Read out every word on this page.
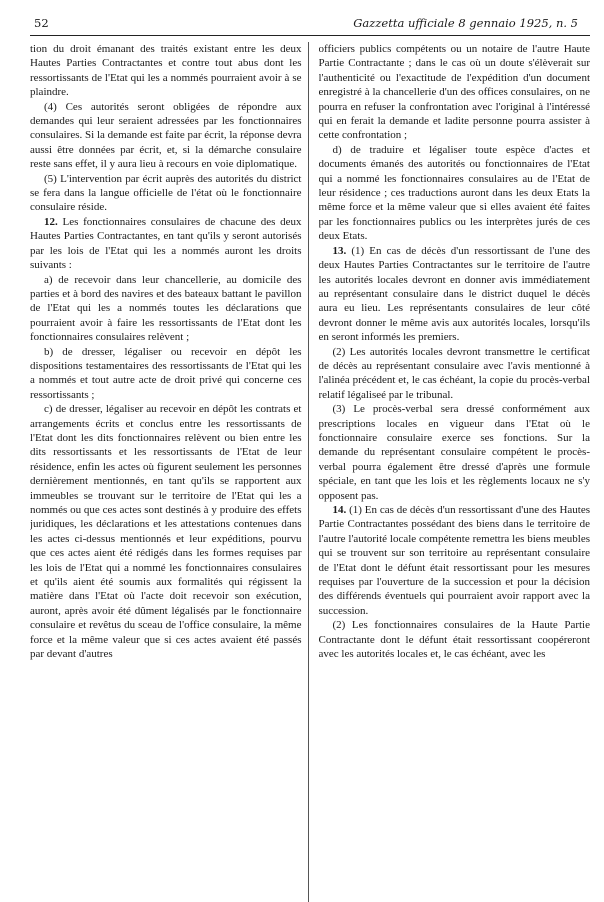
52	Gazzetta ufficiale 8 gennaio 1925, n. 5

tion du droit émanant des traités existant entre les deux Hautes Parties Contractantes et contre tout abus dont les ressortissants de l'Etat qui les a nommés pourraient avoir à se plaindre.

(4) Ces autorités seront obligées de répondre aux demandes qui leur seraient adressées par les fonctionnaires consulaires. Si la demande est faite par écrit, la réponse devra aussi être données par écrit, et, si la démarche consulaire reste sans effet, il y aura lieu à recours en voie diplomatique.

(5) L'intervention par écrit auprès des autorités du district se fera dans la langue officielle de l'état où le fonctionnaire consulaire réside.

12. Les fonctionnaires consulaires de chacune des deux Hautes Parties Contractantes, en tant qu'ils y seront autorisés par les lois de l'Etat qui les a nommés auront les droits suivants :

a) de recevoir dans leur chancellerie, au domicile des parties et à bord des navires et des bateaux battant le pavillon de l'Etat qui les a nommés toutes les déclarations que pourraient avoir à faire les ressortissants de l'Etat dont les fonctionnaires consulaires relèvent ;

b) de dresser, légaliser ou recevoir en dépôt les dispositions testamentaires des ressortissants de l'Etat qui les a nommés et tout autre acte de droit privé qui concerne ces ressortissants ;

c) de dresser, légaliser au recevoir en dépôt les contrats et arrangements écrits et conclus entre les ressortissants de l'Etat dont les dits fonctionnaires relèvent ou bien entre les dits ressortissants et les ressortissants de l'Etat de leur résidence, enfin les actes où figurent seulement les personnes dernièrement mentionnés, en tant qu'ils se rapportent aux immeubles se trouvant sur le territoire de l'Etat qui les a nommés ou que ces actes sont destinés à y produire des effets juridiques, les déclarations et les attestations contenues dans les actes ci-dessus mentionnés et leur expéditions, pourvu que ces actes aient été rédigés dans les formes requises par les lois de l'Etat qui a nommé les fonctionnaires consulaires et qu'ils aient été soumis aux formalités qui régissent la matière dans l'Etat où l'acte doit recevoir son exécution, auront, après avoir été dûment légalisés par le fonctionnaire consulaire et revêtus du sceau de l'office consulaire, la même force et la même valeur que si ces actes avaient été passés par devant d'autres

officiers publics compétents ou un notaire de l'autre Haute Partie Contractante ; dans le cas où un doute s'élèverait sur l'authenticité ou l'exactitude de l'expédition d'un document enregistré à la chancellerie d'un des offices consulaires, on ne pourra en refuser la confrontation avec l'original à l'intéressé qui en ferait la demande et ladite personne pourra assister à cette confrontation ;

d) de traduire et légaliser toute espèce d'actes et documents émanés des autorités ou fonctionnaires de l'Etat qui a nommé les fonctionnaires consulaires au de l'Etat de leur résidence ; ces traductions auront dans les deux Etats la même force et la même valeur que si elles avaient été faites par les fonctionnaires publics ou les interprètes jurés de ces deux Etats.

13. (1) En cas de décès d'un ressortissant de l'une des deux Hautes Parties Contractantes sur le territoire de l'autre les autorités locales devront en donner avis immédiatement au représentant consulaire dans le district duquel le décès aura eu lieu. Les représentants consulaires de leur côté devront donner le même avis aux autorités locales, lorsqu'ils en seront informés les premiers.

(2) Les autorités locales devront transmettre le certificat de décès au représentant consulaire avec l'avis mentionné à l'alinéa précédent et, le cas échéant, la copie du procès-verbal relatif légaliseé par le tribunal.

(3) Le procès-verbal sera dressé conformément aux prescriptions locales en vigueur dans l'Etat où le fonctionnaire consulaire exerce ses fonctions. Sur la demande du représentant consulaire compétent le procès-verbal pourra également être dressé d'après une formule spéciale, en tant que les lois et les règlements locaux ne s'y opposent pas.

14. (1) En cas de décès d'un ressortissant d'une des Hautes Partie Contractantes possédant des biens dans le territoire de l'autre l'autorité locale compétente remettra les biens meubles qui se trouvent sur son territoire au représentant consulaire de l'Etat dont le défunt était ressortissant pour les mesures requises par l'ouverture de la succession et pour la décision des différends éventuels qui pourraient avoir rapport avec la succession.

(2) Les fonctionnaires consulaires de la Haute Partie Contractante dont le défunt était ressortissant coopéreront avec les autorités locales et, le cas échéant, avec les
